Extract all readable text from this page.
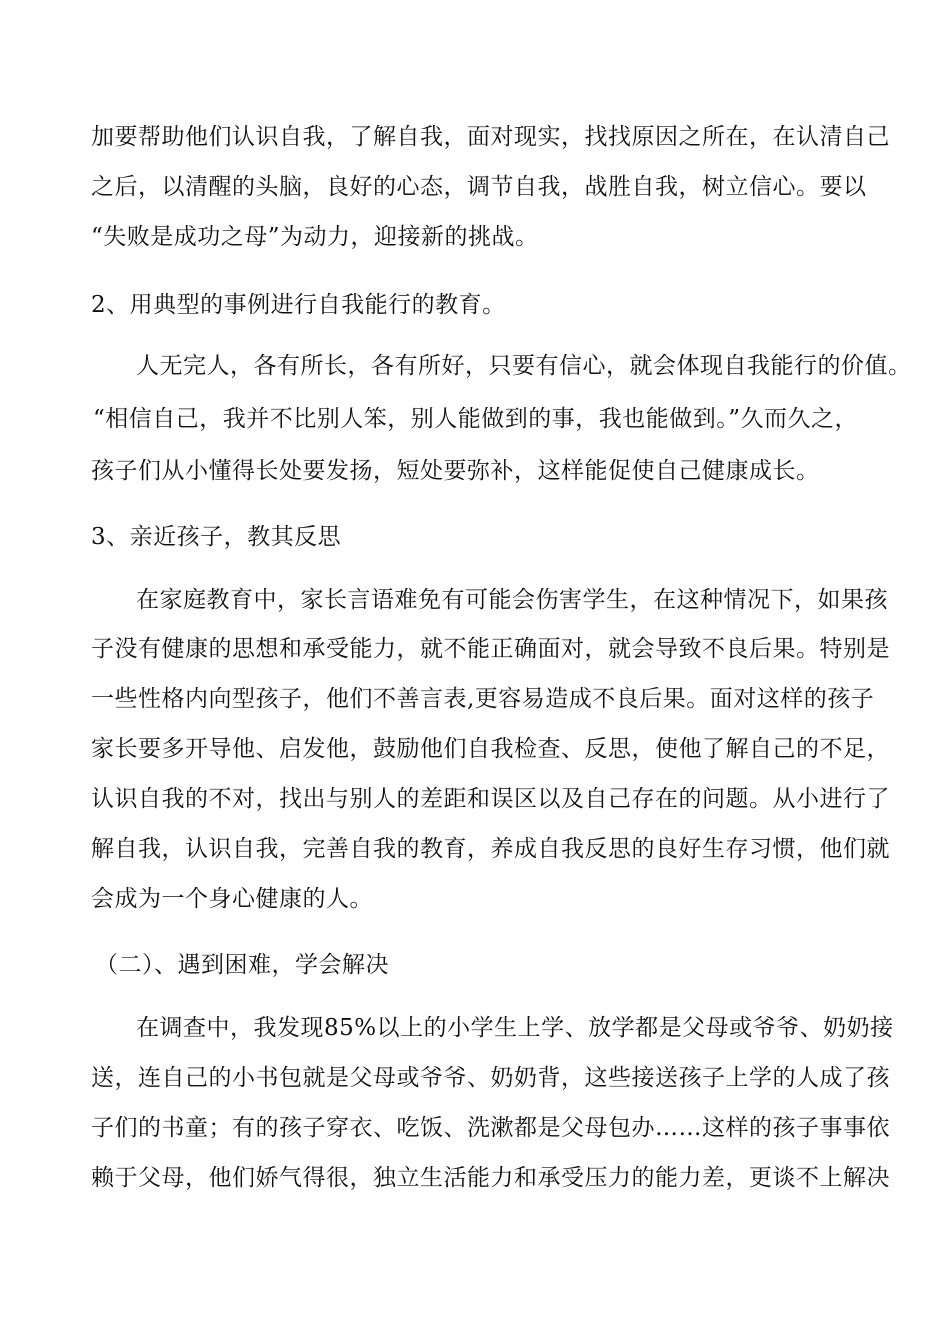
加要帮助他们认识自我，了解自我，面对现实，找找原因之所在，在认清自己
之后，以清醒的头脑，良好的心态，调节自我，战胜自我，树立信心。要以
“失败是成功之母”为动力，迎接新的挑战。
2、用典型的事例进行自我能行的教育。
人无完人，各有所长，各有所好，只要有信心，就会体现自我能行的价值。
“相信自己，我并不比别人笨，别人能做到的事，我也能做到。”久而久之，
孩子们从小懂得长处要发扬，短处要弥补，这样能促使自己健康成长。
3、亲近孩子，教其反思
在家庭教育中，家长言语难免有可能会伤害学生，在这种情况下，如果孩
子没有健康的思想和承受能力，就不能正确面对，就会导致不良后果。特别是
一些性格内向型孩子，他们不善言表,更容易造成不良后果。面对这样的孩子
家长要多开导他、启发他，鼓励他们自我检查、反思，使他了解自己的不足，
认识自我的不对，找出与别人的差距和误区以及自己存在的问题。从小进行了
解自我，认识自我，完善自我的教育，养成自我反思的良好生存习惯，他们就
会成为一个身心健康的人。
（二）、遇到困难，学会解决
在调查中，我发现85%以上的小学生上学、放学都是父母或爷爷、奶奶接
送，连自己的小书包就是父母或爷爷、奶奶背，这些接送孩子上学的人成了孩
子们的书童；有的孩子穿衣、吃饭、洗漱都是父母包办……这样的孩子事事依
赖于父母，他们娇气得很，独立生活能力和承受压力的能力差，更谈不上解决
